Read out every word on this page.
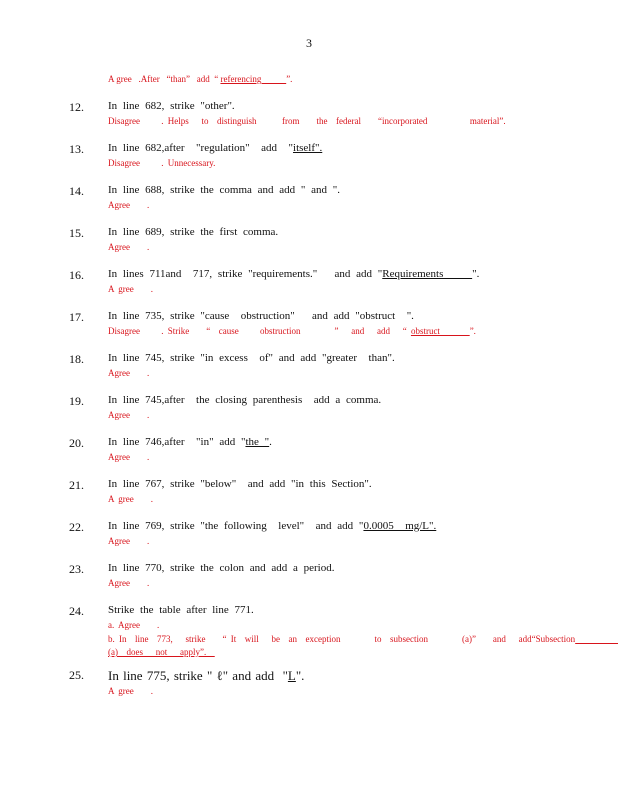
3
A gree   .After   “than”   add  “ referencing           ”.
12. In line 682, strike "other".
Disagree     . Helps   to  distinguish      from    the  federal    “incorporated          material”.
13. In line 682,after  "regulation"  add  "itself".
Disagree     . Unnecessary.
14. In line 688, strike the comma and add " and ".
Agree    .
15. In line 689, strike the first comma.
Agree    .
16. In lines 711and  717, strike "requirements."   and add "Requirements     ".
A gree    .
17. In line 735, strike "cause  obstruction"   and add "obstruct  ".
Disagree     . Strike    “  cause     obstruction        ”   and   add   “ obstruct       ”.
18. In line 745, strike "in excess  of" and add "greater  than".
Agree    .
19. In line 745,after  the closing parenthesis  add a comma.
Agree    .
20. In line 746,after  "in" add "the ".
Agree    .
21. In line 767, strike "below"  and add "in this Section".
A gree    .
22. In line 769, strike "the following  level"  and add "0.0005  mg/L".
Agree    .
23. In line 770, strike the colon and add a period.
Agree    .
24. Strike the table after line 771.
a. Agree    .
b. In  line  773,   strike    “ It  will   be  an  exception        to  subsection        (a)”    and   add“Subsection
(a)  does   not   apply”.
25. In line 775, strike " ℓ" and add  "L".
A gree    .
